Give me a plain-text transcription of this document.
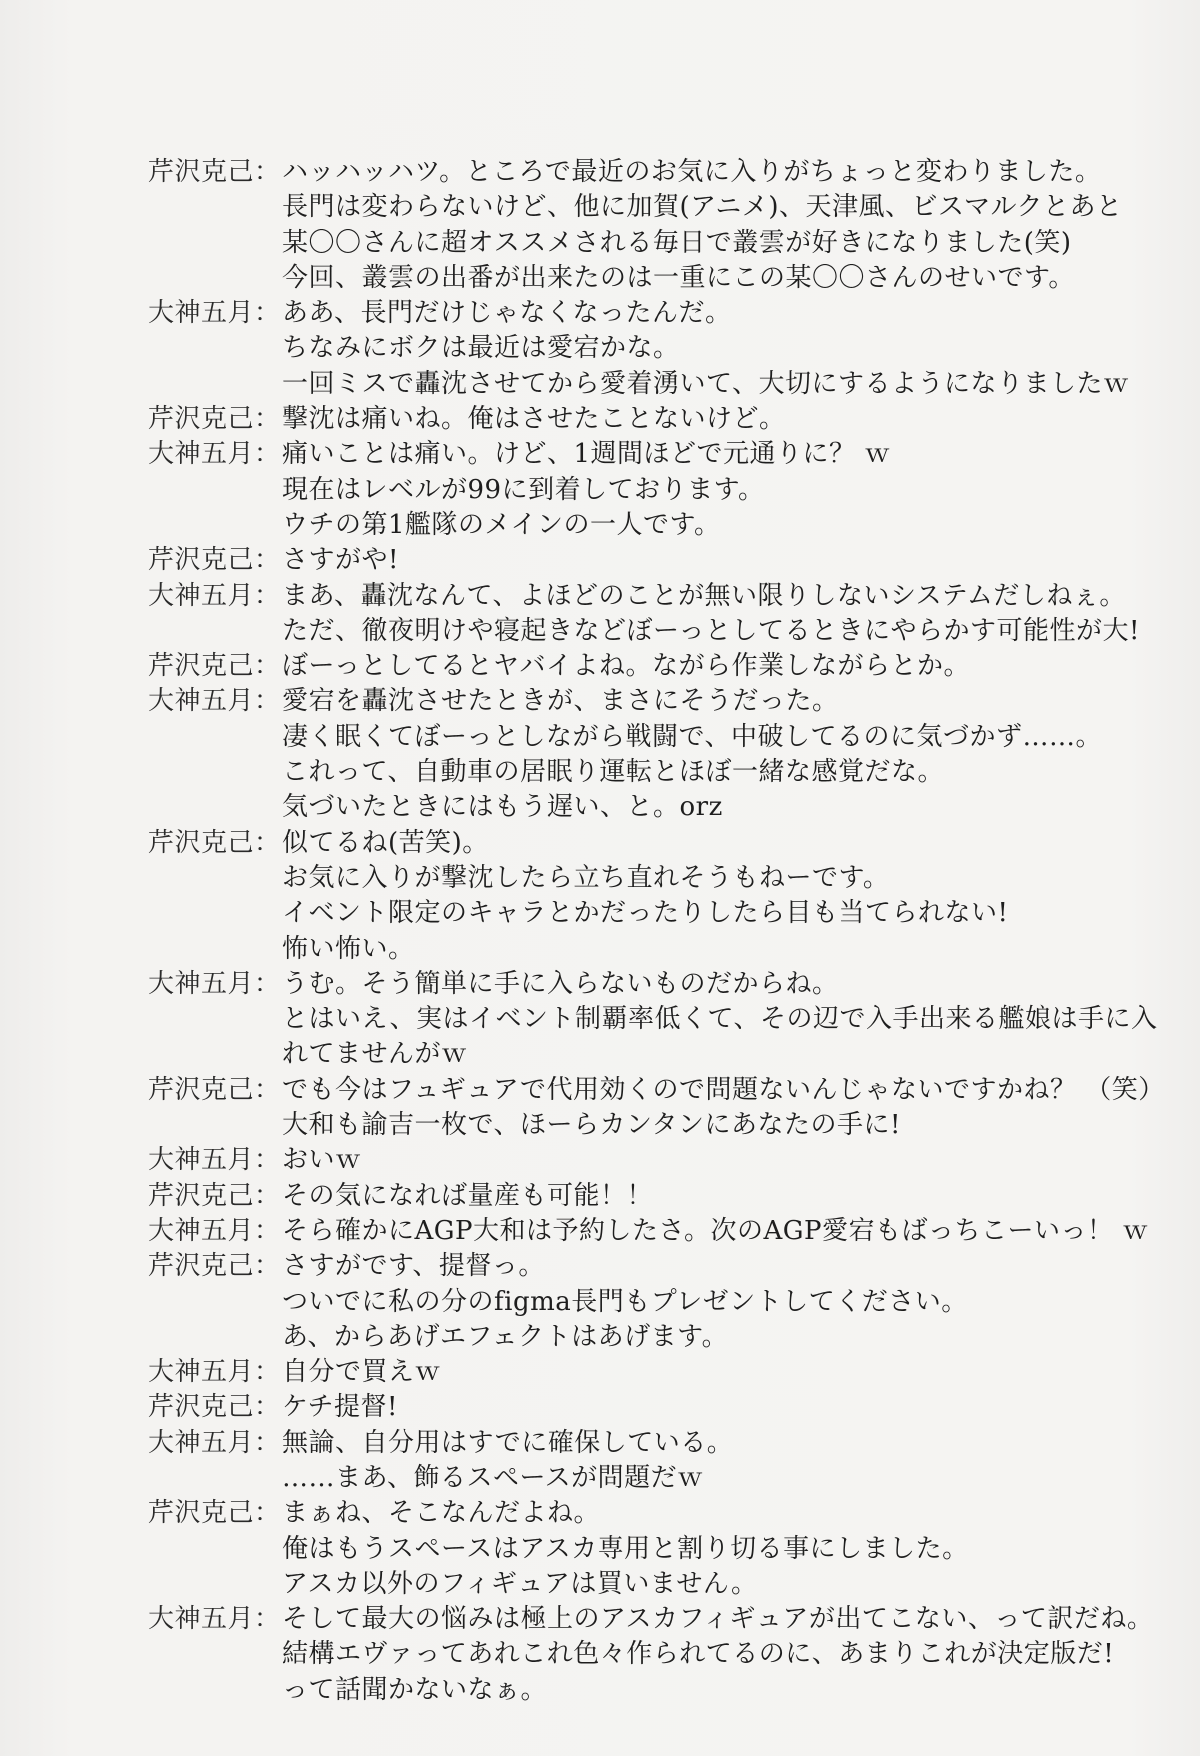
芹沢克己： ハッハッハツ。ところで最近のお気に入りがちょっと変わりました。
長門は変わらないけど、他に加賀(アニメ)、天津風、ビスマルクとあと
某〇〇さんに超オススメされる毎日で叢雲が好きになりました(笑)
今回、叢雲の出番が出来たのは一重にこの某〇〇さんのせいです。
大神五月： ああ、長門だけじゃなくなったんだ。
ちなみにボクは最近は愛宕かな。
一回ミスで轟沈させてから愛着湧いて、大切にするようになりましたｗ
芹沢克己： 撃沈は痛いね。俺はさせたことないけど。
大神五月： 痛いことは痛い。けど、1週間ほどで元通りに？ ｗ
現在はレベルが99に到着しております。
ウチの第1艦隊のメインの一人です。
芹沢克己： さすがや!
大神五月： まあ、轟沈なんて、よほどのことが無い限りしないシステムだしねぇ。
ただ、徹夜明けや寝起きなどぼーっとしてるときにやらかす可能性が大!
芹沢克己： ぼーっとしてるとヤバイよね。ながら作業しながらとか。
大神五月： 愛宕を轟沈させたときが、まさにそうだった。
凄く眠くてぼーっとしながら戦闘で、中破してるのに気づかず……。
これって、自動車の居眠り運転とほぼ一緒な感覚だな。
気づいたときにはもう遅い、と。orz
芹沢克己： 似てるね(苦笑)。
お気に入りが撃沈したら立ち直れそうもねーです。
イベント限定のキャラとかだったりしたら目も当てられない!
怖い怖い。
大神五月： うむ。そう簡単に手に入らないものだからね。
とはいえ、実はイベント制覇率低くて、その辺で入手出来る艦娘は手に入
れてませんがｗ
芹沢克己： でも今はフュギュアで代用効くので問題ないんじゃないですかね？ （笑）
大和も諭吉一枚で、ほーらカンタンにあなたの手に!
大神五月： おいｗ
芹沢克己： その気になれば量産も可能！！
大神五月： そら確かにAGP大和は予約したさ。次のAGP愛宕もばっちこーいっ！ ｗ
芹沢克己： さすがです、提督っ。
ついでに私の分のfigma長門もプレゼントしてください。
あ、からあげエフェクトはあげます。
大神五月： 自分で買えｗ
芹沢克己： ケチ提督!
大神五月： 無論、自分用はすでに確保している。
……まあ、飾るスペースが問題だｗ
芹沢克己： まぁね、そこなんだよね。
俺はもうスペースはアスカ専用と割り切る事にしました。
アスカ以外のフィギュアは買いません。
大神五月： そして最大の悩みは極上のアスカフィギュアが出てこない、って訳だね。
結構エヴァってあれこれ色々作られてるのに、あまりこれが決定版だ!
って話聞かないなぁ。
